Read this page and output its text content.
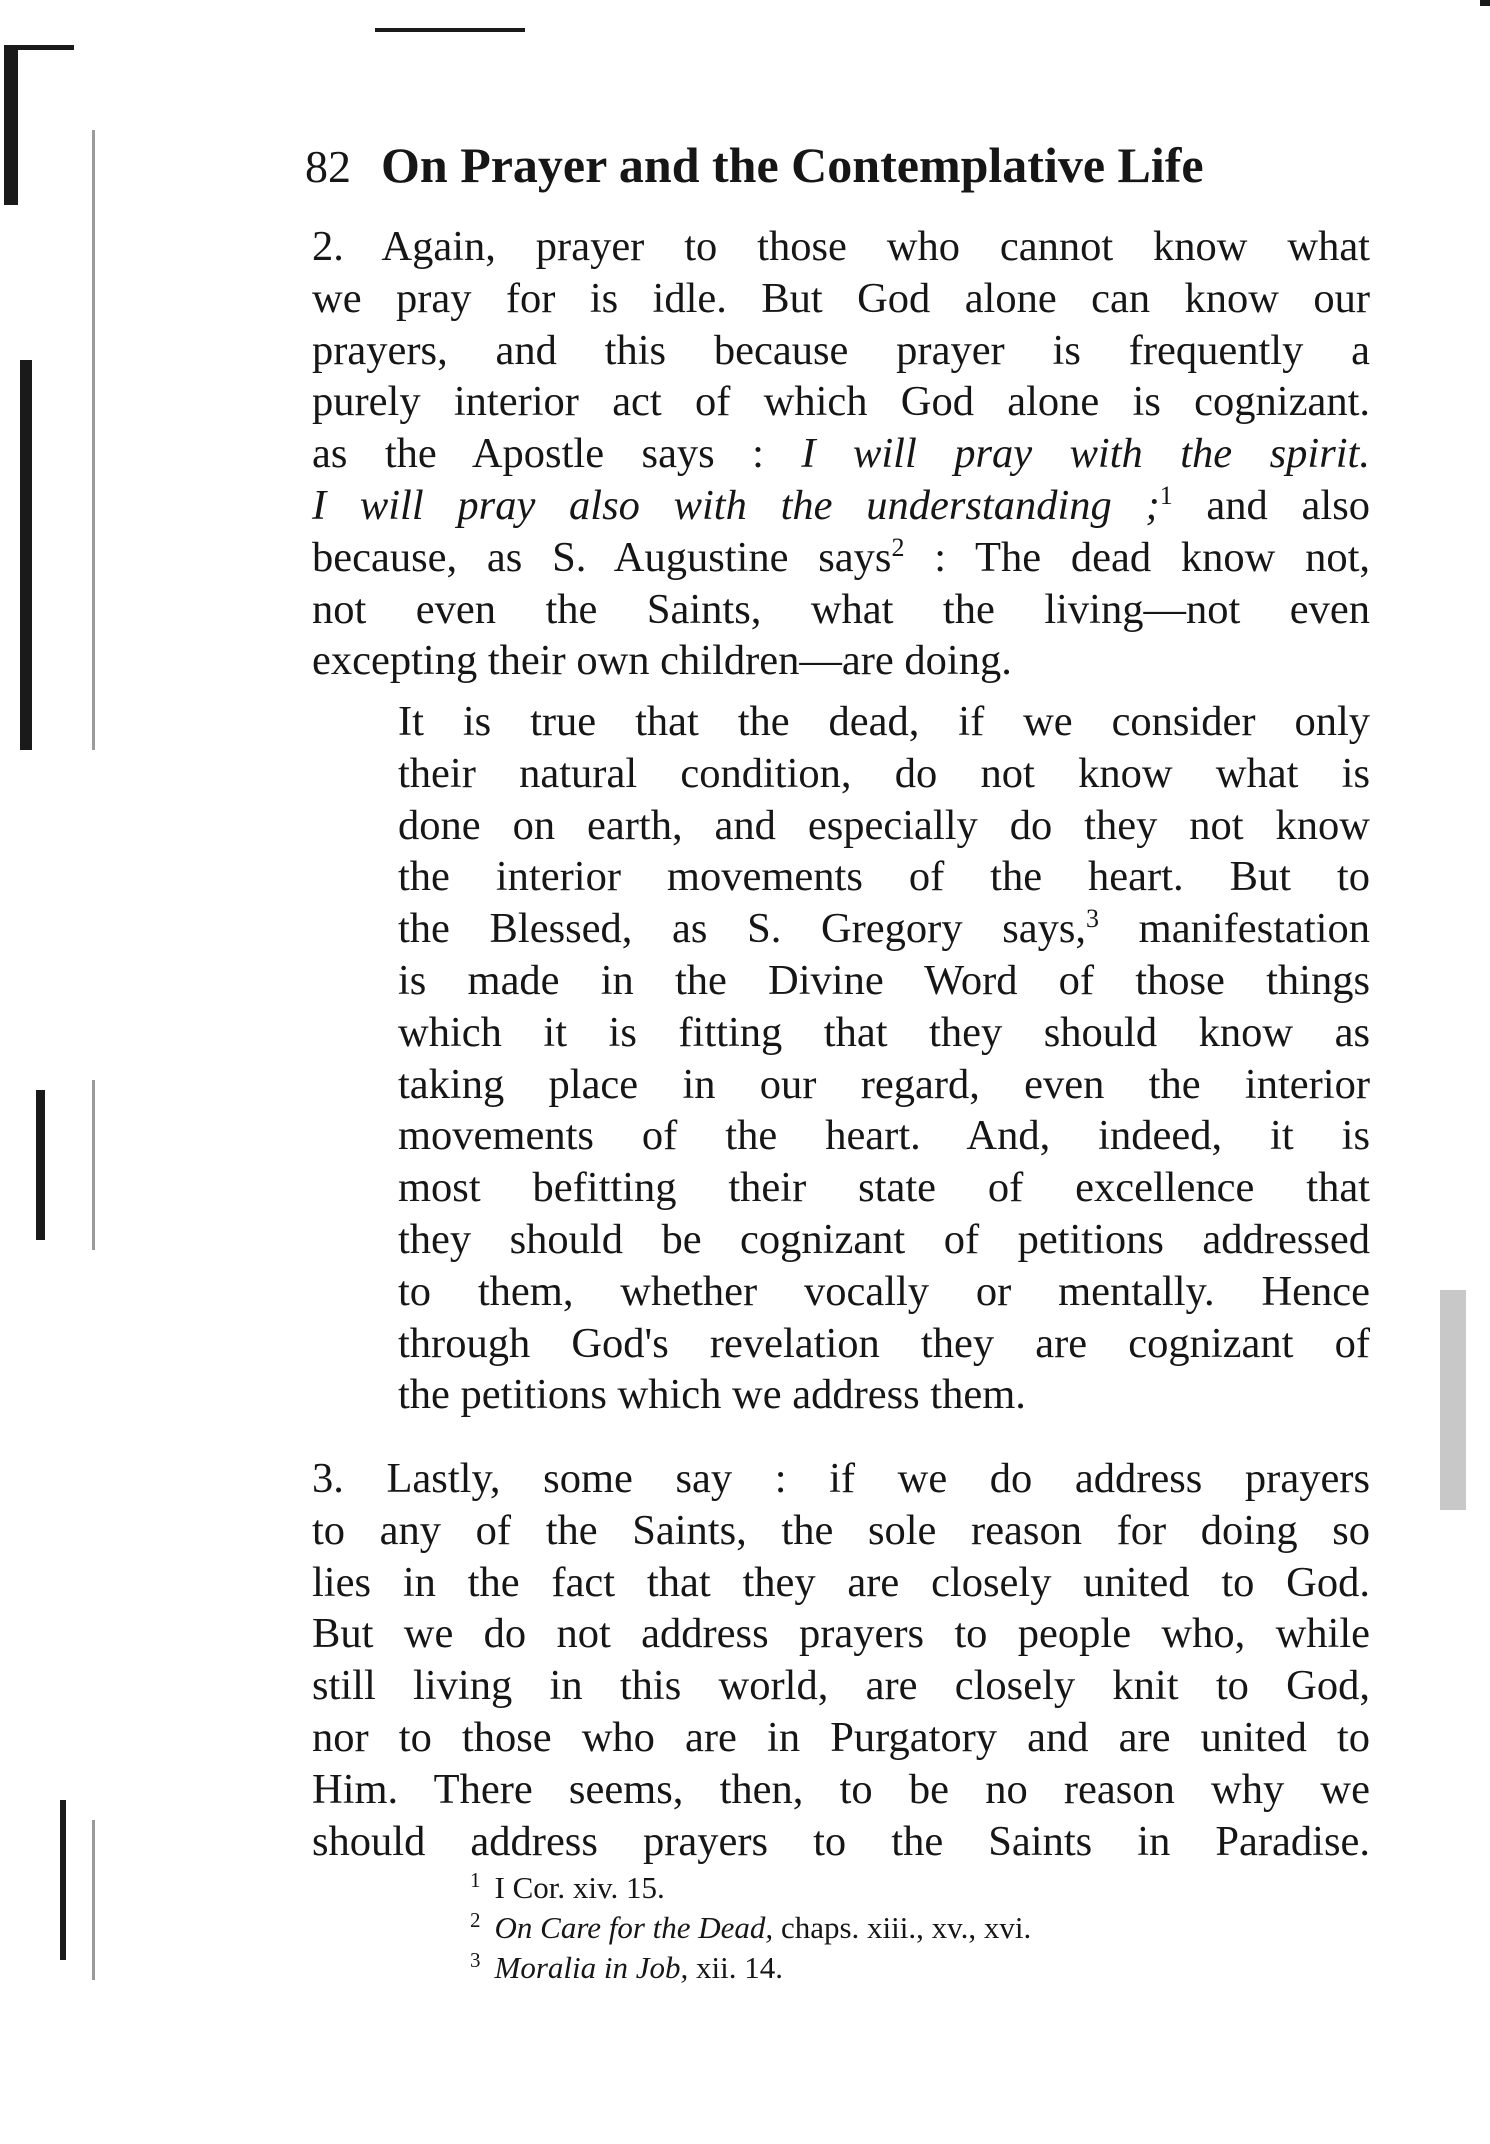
82 On Prayer and the Contemplative Life

2. Again, prayer to those who cannot know what
we pray for is idle. But God alone can know our
prayers, and this because prayer is frequently a
purely interior act of which God alone is cognizant.
as the Apostle says : I will pray with the spirit.
I will pray also with the understanding ;$^1$ and also
because, as S. Augustine says$^2$ : The dead know not,
not even the Saints, what the living—not even
excepting their own children—are doing.

It is true that the dead, if we consider only
their natural condition, do not know what is
done on earth, and especially do they not know
the interior movements of the heart. But to
the Blessed, as S. Gregory says,$^3$ manifestation
is made in the Divine Word of those things
which it is fitting that they should know as
taking place in our regard, even the interior
movements of the heart. And, indeed, it is
most befitting their state of excellence that
they should be cognizant of petitions addressed
to them, whether vocally or mentally. Hence
through God's revelation they are cognizant of
the petitions which we address them.

3. Lastly, some say : if we do address prayers
to any of the Saints, the sole reason for doing so
lies in the fact that they are closely united to God.
But we do not address prayers to people who, while
still living in this world, are closely knit to God,
nor to those who are in Purgatory and are united to
Him. There seems, then, to be no reason why we
should address prayers to the Saints in Paradise.

$^1$ I Cor. xiv. 15.
$^2$ On Care for the Dead, chaps. xiii., xv., xvi.
$^3$ Moralia in Job, xii. 14.
